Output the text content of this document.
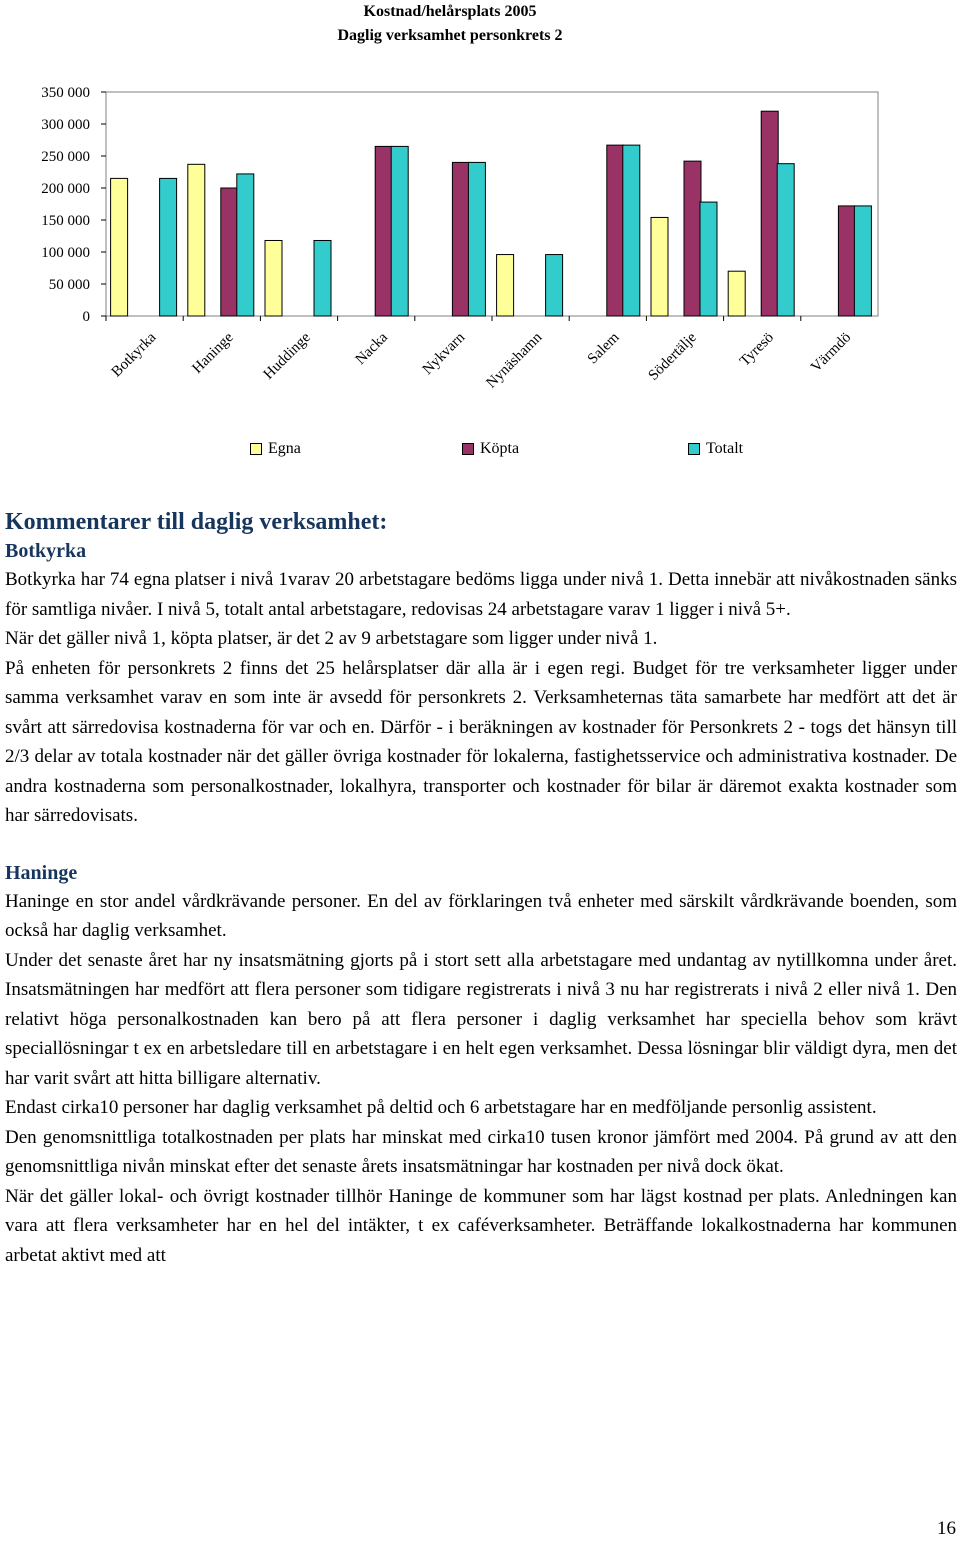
Kostnad/helårsplats 2005
Daglig verksamhet personkrets 2
350 000
300 000
250 000
200 000
150 000
100 000
50 000
0
Botkyrka Haninge Huddinge	Nacka Nykvarn Nynäshamn	Salem Södertälje Tyresö Värmdö
Egna	Köpta	Totalt
Kommentarer till daglig verksamhet:
Botkyrka

Botkyrka har 74 egna platser i nivå 1varav 20 arbetstagare bedöms ligga under nivå 1. Detta innebär att nivåkostnaden sänks för samtliga nivåer. I nivå 5, totalt antal arbetstagare, redovisas 24 arbetstagare varav 1 ligger i nivå 5+.

När det gäller nivå 1, köpta platser, är det 2 av 9 arbetstagare som ligger under nivå 1.

På enheten för personkrets 2 finns det 25 helårsplatser där alla är i egen regi. Budget för tre verksamheter ligger under samma verksamhet varav en som inte är avsedd för personkrets 2. Verksamheternas täta samarbete har medfört att det är svårt att särredovisa kostnaderna för var och en. Därför - i beräkningen av kostnader för Personkrets 2 - togs det hänsyn till 2/3 delar av totala kostnader när det gäller övriga kostnader för lokalerna, fastighetsservice och administrativa kostnader. De andra kostnaderna som personalkostnader, lokalhyra, transporter och kostnader för bilar är däremot exakta kostnader som har särredovisats.

Haninge

Haninge en stor andel vårdkrävande personer. En del av förklaringen två enheter med särskilt vårdkrävande boenden, som också har daglig verksamhet.

Under det senaste året har ny insatsmätning gjorts på i stort sett alla arbetstagare med undantag av nytillkomna under året. Insatsmätningen har medfört att flera personer som tidigare registrerats i nivå 3 nu har registrerats i nivå 2 eller nivå 1. Den relativt höga personalkostnaden kan bero på att flera personer i daglig verksamhet har speciella behov som krävt speciallösningar t ex en arbetsledare till en arbetstagare i en helt egen verksamhet. Dessa lösningar blir väldigt dyra, men det har varit svårt att hitta billigare alternativ.

Endast cirka10 personer har daglig verksamhet på deltid och 6 arbetstagare har en medföljande personlig assistent.

Den genomsnittliga totalkostnaden per plats har minskat med cirka10 tusen kronor jämfört med 2004. På grund av att den genomsnittliga nivån minskat efter det senaste årets insatsmätningar har kostnaden per nivå dock ökat.

När det gäller lokal- och övrigt kostnader tillhör Haninge de kommuner som har lägst kostnad per plats. Anledningen kan vara att flera verksamheter har en hel del intäkter, t ex caféverksamheter. Beträffande lokalkostnaderna har kommunen arbetat aktivt med att

16
